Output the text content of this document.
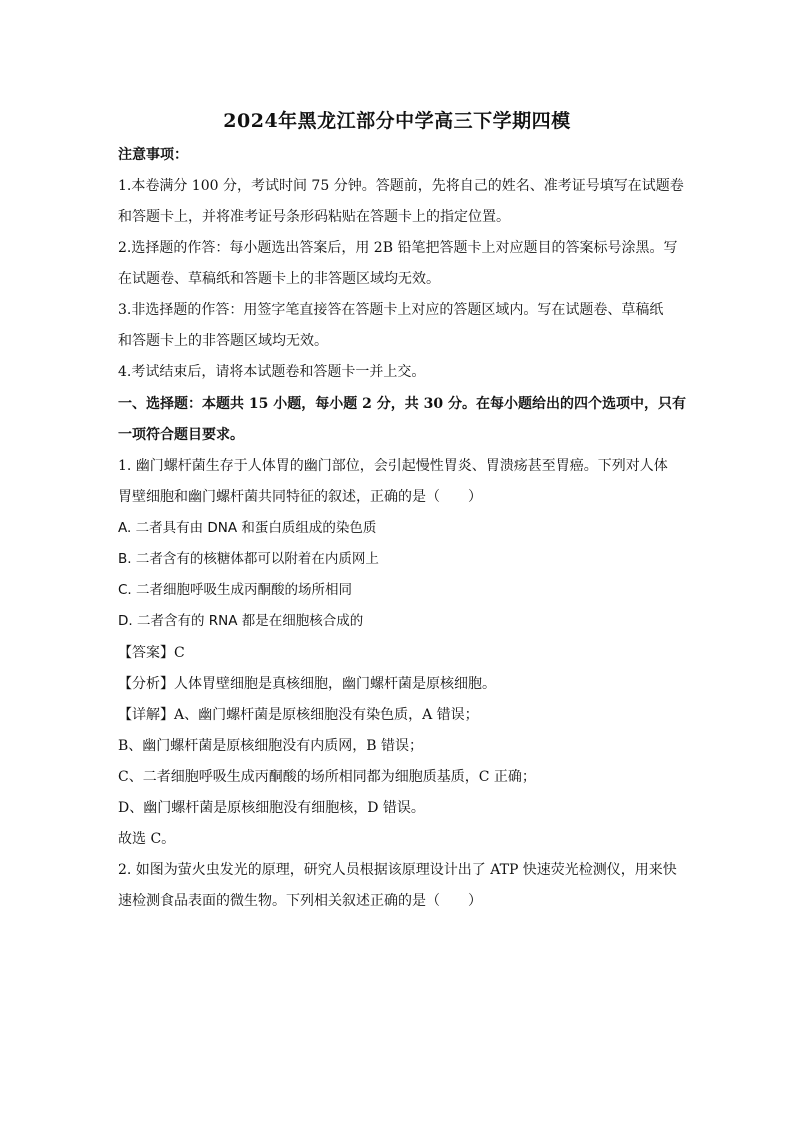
2024年黑龙江部分中学高三下学期四模
注意事项：
1.本卷满分 100 分，考试时间 75 分钟。答题前，先将自己的姓名、准考证号填写在试题卷
和答题卡上，并将准考证号条形码粘贴在答题卡上的指定位置。
2.选择题的作答：每小题选出答案后，用 2B 铅笔把答题卡上对应题目的答案标号涂黑。写
在试题卷、草稿纸和答题卡上的非答题区域均无效。
3.非选择题的作答：用签字笔直接答在答题卡上对应的答题区域内。写在试题卷、草稿纸
和答题卡上的非答题区域均无效。
4.考试结束后，请将本试题卷和答题卡一并上交。
一、选择题：本题共 15 小题，每小题 2 分，共 30 分。在每小题给出的四个选项中，只有
一项符合题目要求。
1. 幽门螺杆菌生存于人体胃的幽门部位，会引起慢性胃炎、胃溃疡甚至胃癌。下列对人体
胃壁细胞和幽门螺杆菌共同特征的叙述，正确的是（　　）
A. 二者具有由 DNA 和蛋白质组成的染色质
B. 二者含有的核糖体都可以附着在内质网上
C. 二者细胞呼吸生成丙酮酸的场所相同
D. 二者含有的 RNA 都是在细胞核合成的
【答案】C
【分析】人体胃壁细胞是真核细胞，幽门螺杆菌是原核细胞。
【详解】A、幽门螺杆菌是原核细胞没有染色质，A 错误；
B、幽门螺杆菌是原核细胞没有内质网，B 错误；
C、二者细胞呼吸生成丙酮酸的场所相同都为细胞质基质，C 正确；
D、幽门螺杆菌是原核细胞没有细胞核，D 错误。
故选 C。
2. 如图为萤火虫发光的原理，研究人员根据该原理设计出了 ATP 快速荧光检测仪，用来快
速检测食品表面的微生物。下列相关叙述正确的是（　　）
